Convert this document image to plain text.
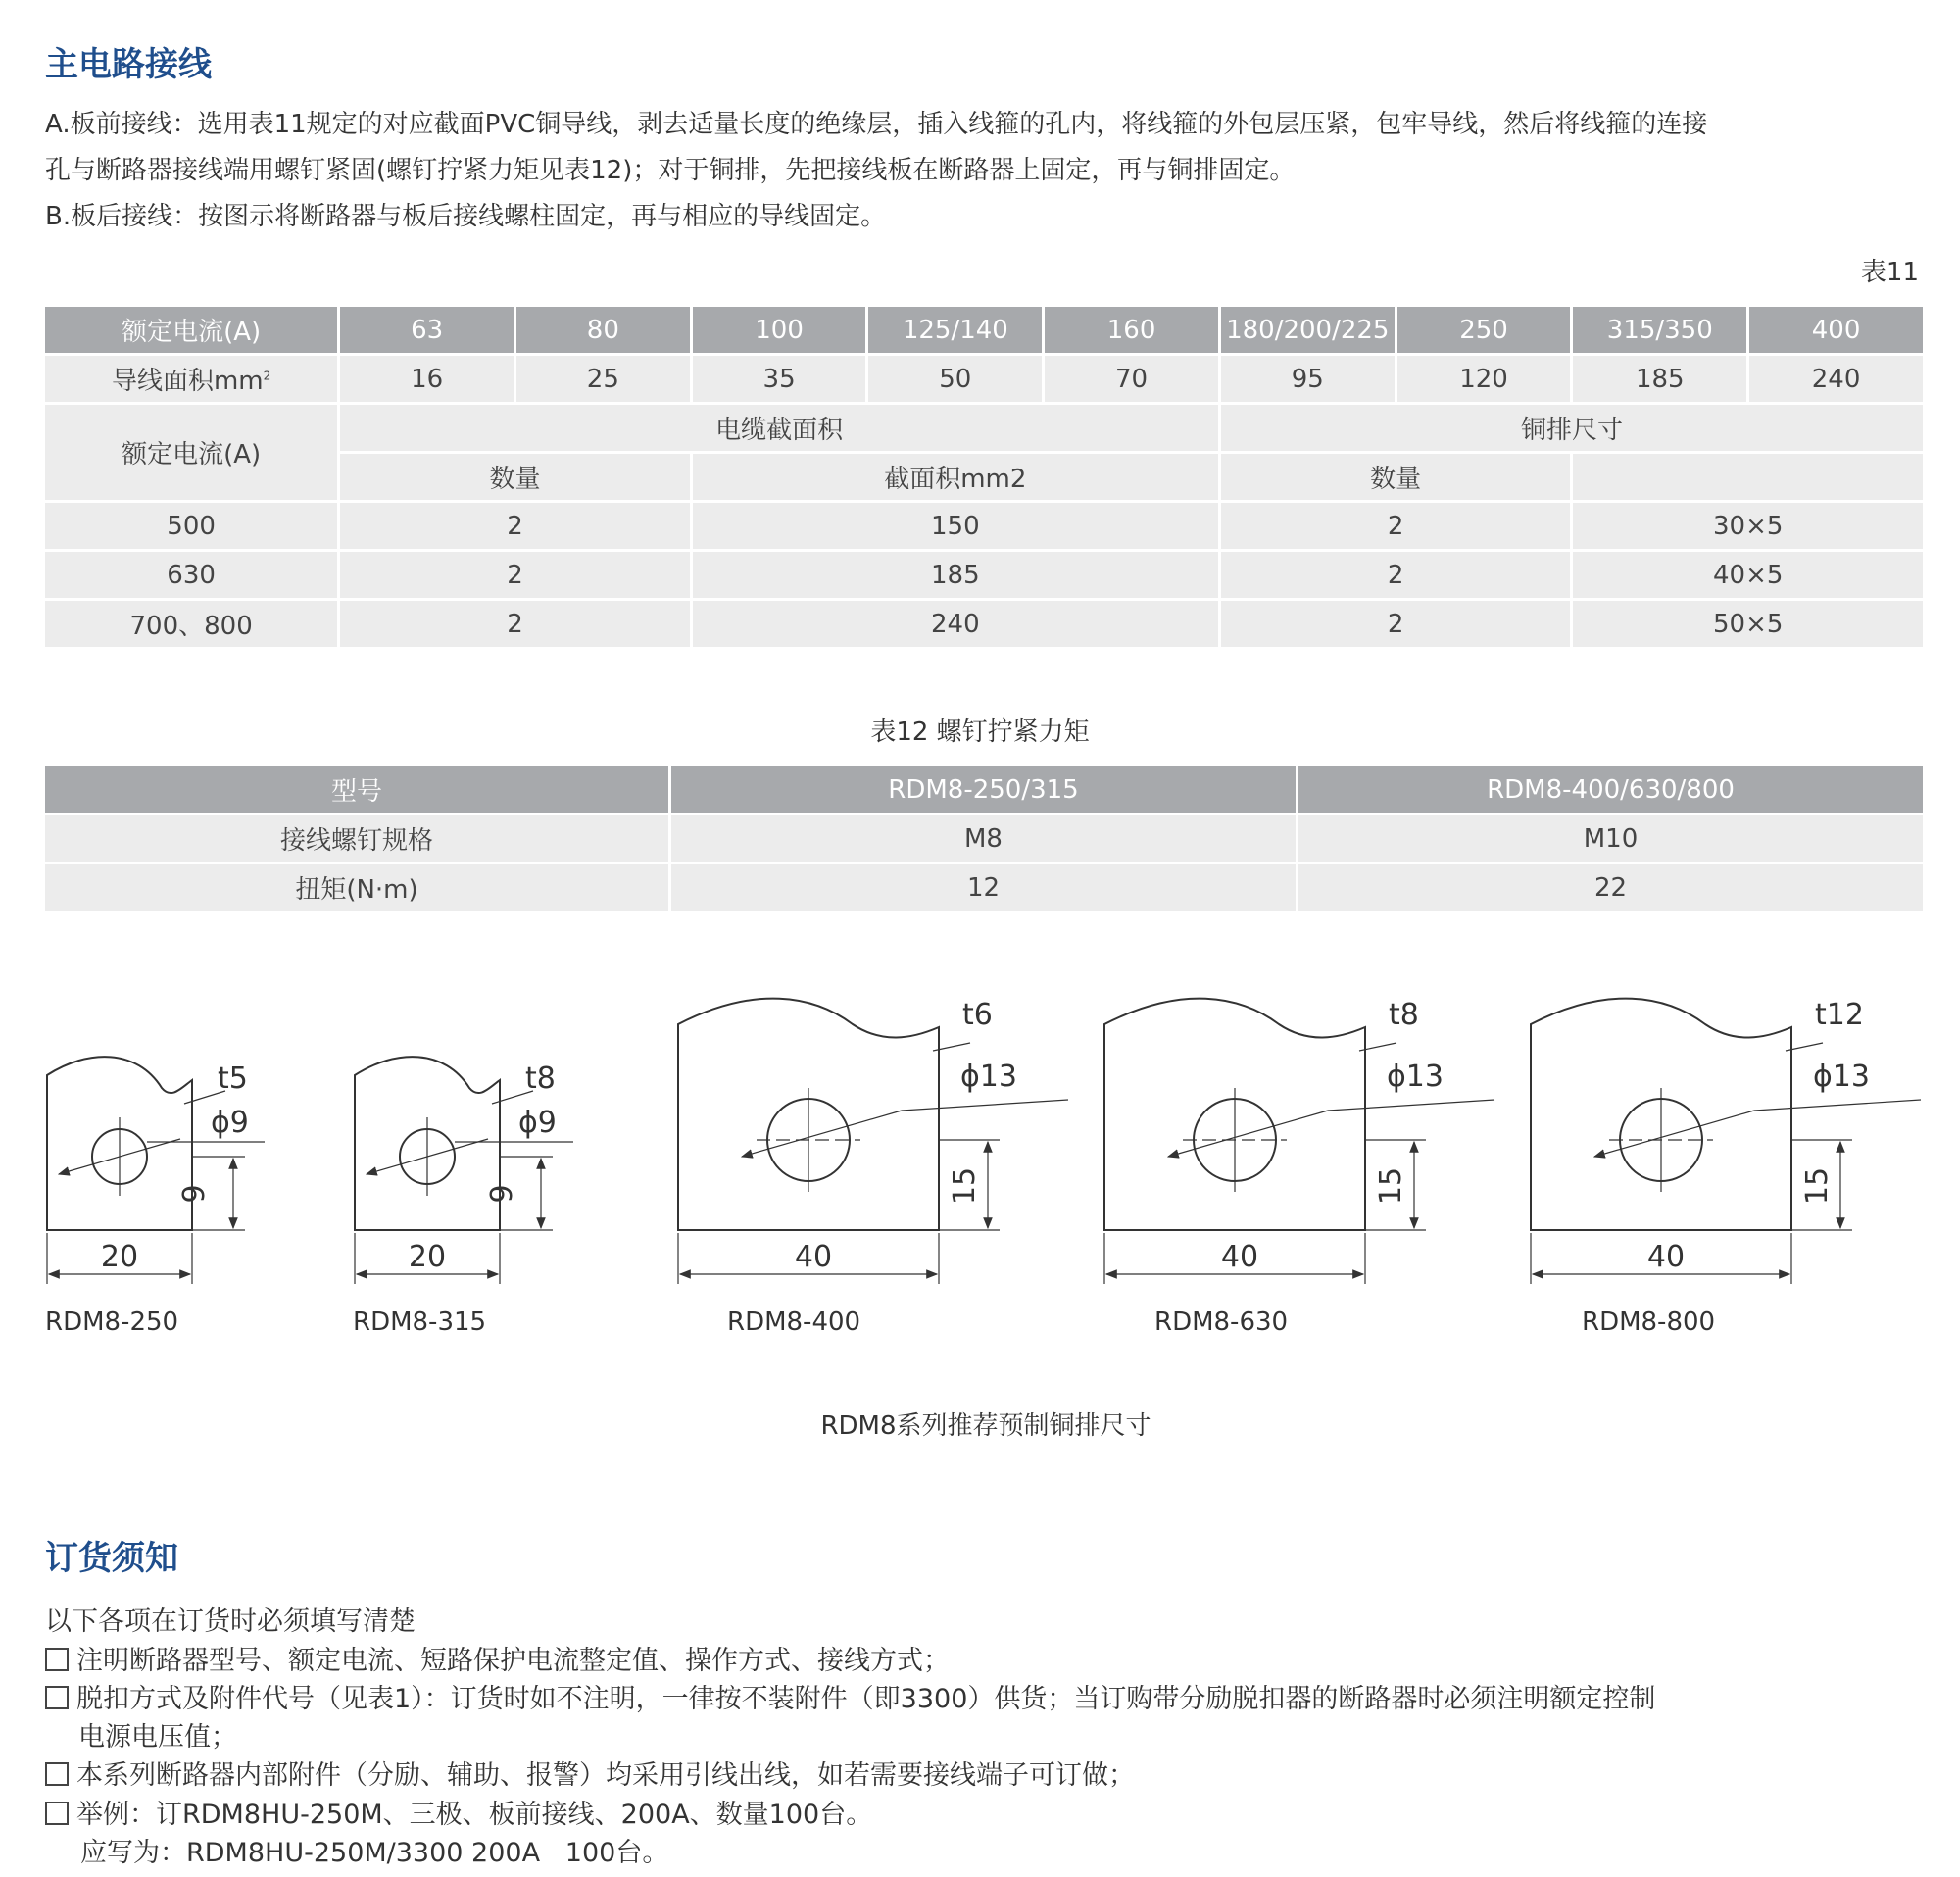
主电路接线

A.板前接线：选用表11规定的对应截面PVC铜导线，剥去适量长度的绝缘层，插入线箍的孔内，将线箍的外包层压紧，包牢导线，然后将线箍的连接

孔与断路器接线端用螺钉紧固(螺钉拧紧力矩见表12)；对于铜排，先把接线板在断路器上固定，再与铜排固定。

B.板后接线：按图示将断路器与板后接线螺柱固定，再与相应的导线固定。

表11
额定电流(A)	63	80	100	125/140	160	180/200/225	250	315/350	400
导线面积$mm^2$	16	25	35	50	70	95	120	185	240
额定电流(A)	电缆截面积					铜排尺寸			
	数量		截面积mm2			数量			
500	2		150			2		30×5	
630	2		185			2		40×5	
700、800	2		240			2		50×5	
表12 螺钉拧紧力矩
型号	RDM8-250/315	RDM8-400/630/800
接线螺钉规格	M8	M10
扭矩(N·m)	12	22
t5
ϕ9
20
9
t8
ϕ9
20
9
t6
ϕ13
40
15
t8
ϕ13
40
15
t12
ϕ13
40
15
RDM8-250	RDM8-315	RDM8-400	RDM8-630	RDM8-800
RDM8系列推荐预制铜排尺寸
订货须知
以下各项在订货时必须填写清楚
注明断路器型号、额定电流、短路保护电流整定值、操作方式、接线方式；
脱扣方式及附件代号（见表1）：订货时如不注明，一律按不装附件（即3300）供货；当订购带分励脱扣器的断路器时必须注明额定控制
电源电压值；
本系列断路器内部附件（分励、辅助、报警）均采用引线出线，如若需要接线端子可订做；
举例：订RDM8HU-250M、三极、板前接线、200A、数量100台。
应写为：RDM8HU-250M/3300 200A   100台。
